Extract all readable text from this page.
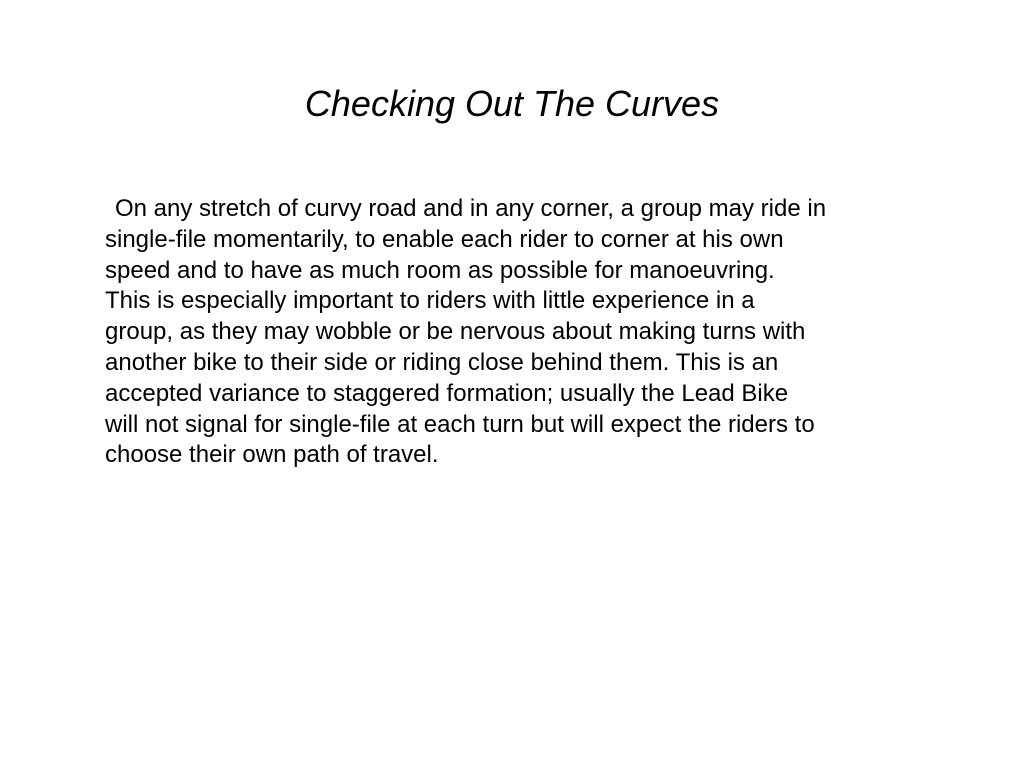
Checking Out The Curves

On any stretch of curvy road and in any corner, a group may ride in
single-file momentarily, to enable each rider to corner at his own
speed and to have as much room as possible for manoeuvring.
This is especially important to riders with little experience in a
group, as they may wobble or be nervous about making turns with
another bike to their side or riding close behind them. This is an
accepted variance to staggered formation; usually the Lead Bike
will not signal for single-file at each turn but will expect the riders to
choose their own path of travel.
